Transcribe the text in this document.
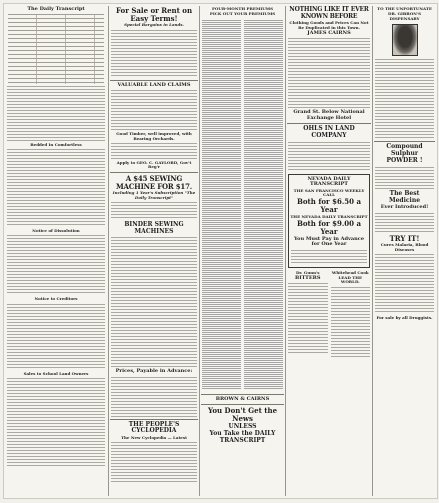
The Daily Transcript
Bedded In Comfortless
Notice of Dissolution
Notice to Creditors
Sales to School Land Owners
For Sale or Rent on Easy Terms!
Special Bargains in Lands.
VALUABLE LAND CLAIMS
Good Timber, well improved, with Bearing Orchards.
Apply to GEO. C. GAYLORD, Gov't Reg'r
A $45 SEWING MACHINE FOR $17.
Including 1 Year's Subscription "The Daily Transcript"
BINDER SEWING MACHINES
Prices, Payable in Advance:
THE PEOPLE'S CYCLOPEDIA
The New Cyclopedia — Latest
FOUR-MONTH PREMIUMS
PICK OUT YOUR PREMIUMS
BROWN & CAIRNS
You Don't Get the News
UNLESS
You Take the DAILY TRANSCRIPT
NOTHING LIKE IT EVER KNOWN BEFORE
Clothing Goods and Prices Can Not Be Duplicated in this Town.
JAMES CAIRNS
Grand St. Below National Exchange Hotel
OHLS IN LAND COMPANY
NEVADA DAILY TRANSCRIPT
THE SAN FRANCISCO WEEKLY CALL
Both for $6.50 a Year
THE NEVADA DAILY TRANSCRIPT
Both for $9.00 a Year
You Must Pay in Advance for One Year
Dr. Gunn's
BITTERS
Whitehead Cook
LEAD THE WORLD.
TO THE UNFORTUNATE
DR. GIBBON'S DISPENSARY
Compound Sulphur
POWDER !
The Best Medicine
Ever Introduced!
TRY IT!
Cures Malaria, Blood Diseases
For sale by all Druggists.
